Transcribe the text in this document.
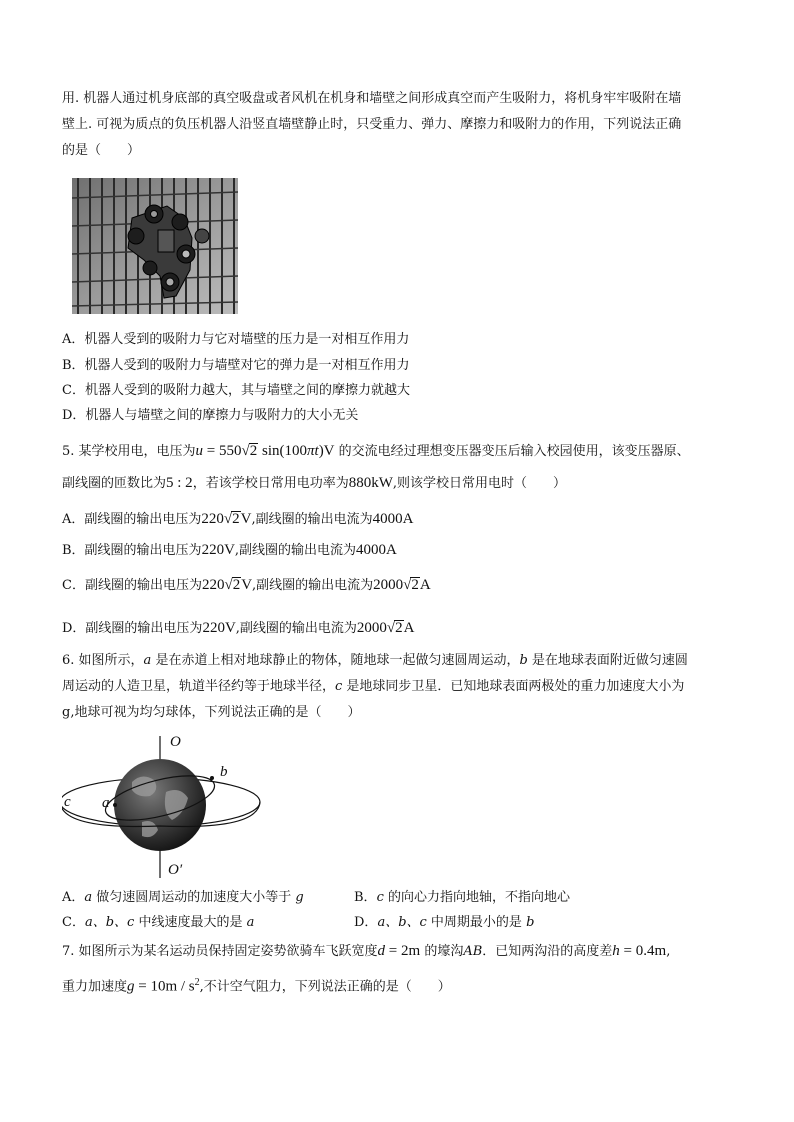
用. 机器人通过机身底部的真空吸盘或者风机在机身和墙壁之间形成真空而产生吸附力，将机身牢牢吸附在墙
壁上. 可视为质点的负压机器人沿竖直墙壁静止时，只受重力、弹力、摩擦力和吸附力的作用，下列说法正确
的是（　　）
A．机器人受到的吸附力与它对墙壁的压力是一对相互作用力
B．机器人受到的吸附力与墙壁对它的弹力是一对相互作用力
C．机器人受到的吸附力越大，其与墙壁之间的摩擦力就越大
D．机器人与墙壁之间的摩擦力与吸附力的大小无关
5. 某学校用电，电压为u = 550√2 sin(100πt)V 的交流电经过理想变压器变压后输入校园使用，该变压器原、
副线圈的匝数比为5 : 2，若该学校日常用电功率为880kW,则该学校日常用电时（　　）
A．副线圈的输出电压为220√2V,副线圈的输出电流为4000A
B．副线圈的输出电压为220V,副线圈的输出电流为4000A
C．副线圈的输出电压为220√2V,副线圈的输出电流为2000√2A
D．副线圈的输出电压为220V,副线圈的输出电流为2000√2A
6. 如图所示，a 是在赤道上相对地球静止的物体，随地球一起做匀速圆周运动，b 是在地球表面附近做匀速圆
周运动的人造卫星，轨道半径约等于地球半径，c 是地球同步卫星．已知地球表面两极处的重力加速度大小为
g,地球可视为均匀球体，下列说法正确的是（　　）
O
O′
b
a
c
A．a 做匀速圆周运动的加速度大小等于 g	B．c 的向心力指向地轴，不指向地心
C．a、b、c 中线速度最大的是 a	D．a、b、c 中周期最小的是 b
7. 如图所示为某名运动员保持固定姿势欲骑车飞跃宽度d = 2m 的壕沟AB．已知两沟沿的高度差h = 0.4m,
重力加速度$g = 10m / s^2$,不计空气阻力，下列说法正确的是（　　）
